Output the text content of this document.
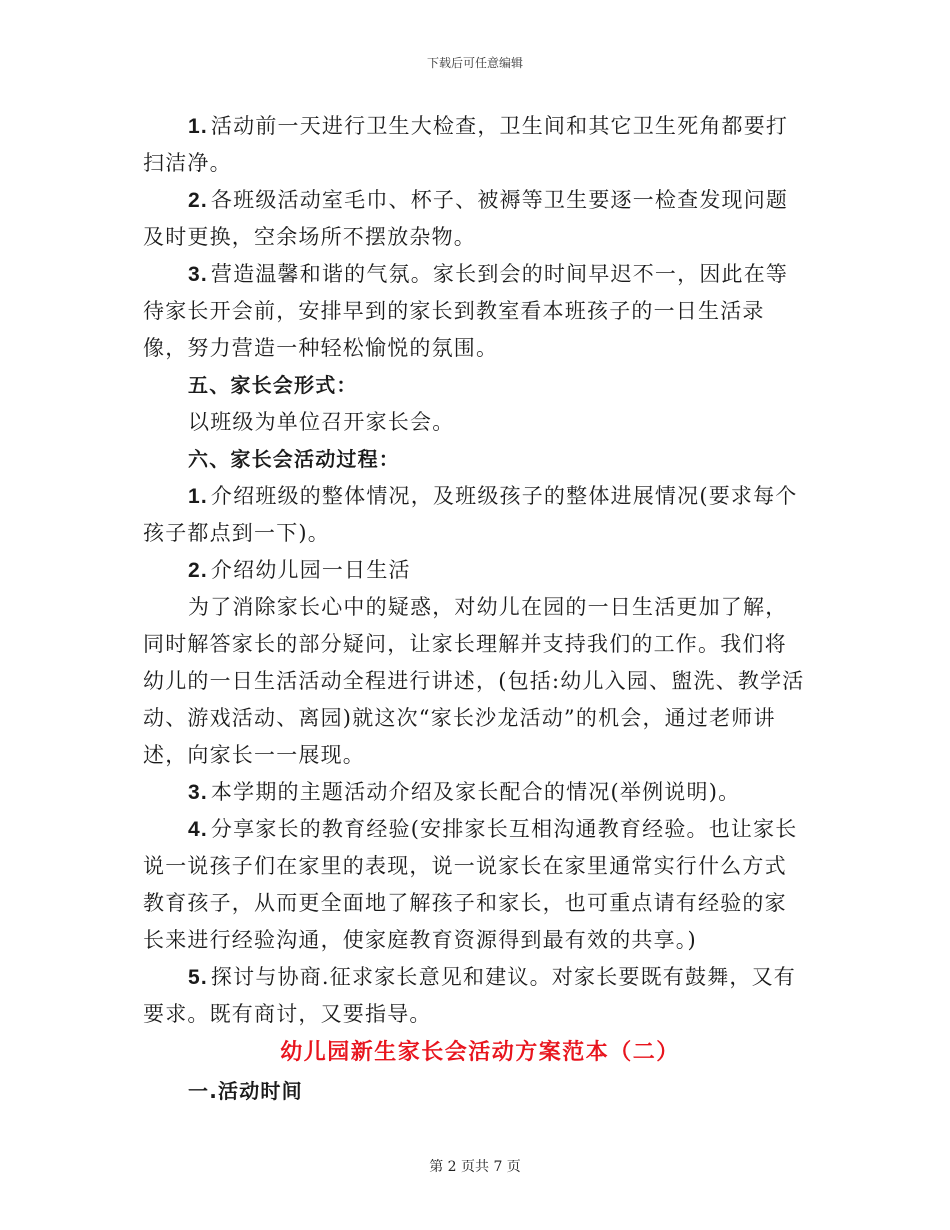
下载后可任意编辑

1. 活动前一天进行卫生大检查，卫生间和其它卫生死角都要打扫洁净。

2. 各班级活动室毛巾、杯子、被褥等卫生要逐一检查发现问题及时更换，空余场所不摆放杂物。

3. 营造温馨和谐的气氛。家长到会的时间早迟不一，因此在等待家长开会前，安排早到的家长到教室看本班孩子的一日生活录像，努力营造一种轻松愉悦的氛围。

五、家长会形式：

以班级为单位召开家长会。

六、家长会活动过程：

1. 介绍班级的整体情况，及班级孩子的整体进展情况(要求每个孩子都点到一下)。

2. 介绍幼儿园一日生活

为了消除家长心中的疑惑，对幼儿在园的一日生活更加了解，同时解答家长的部分疑问，让家长理解并支持我们的工作。我们将幼儿的一日生活活动全程进行讲述，(包括:幼儿入园、盥洗、教学活动、游戏活动、离园)就这次“家长沙龙活动”的机会，通过老师讲述，向家长一一展现。

3. 本学期的主题活动介绍及家长配合的情况(举例说明)。

4. 分享家长的教育经验(安排家长互相沟通教育经验。也让家长说一说孩子们在家里的表现，说一说家长在家里通常实行什么方式教育孩子，从而更全面地了解孩子和家长，也可重点请有经验的家长来进行经验沟通，使家庭教育资源得到最有效的共享。)

5. 探讨与协商.征求家长意见和建议。对家长要既有鼓舞，又有要求。既有商讨，又要指导。

幼儿园新生家长会活动方案范本（二）

一.活动时间

第 2 页共 7 页
